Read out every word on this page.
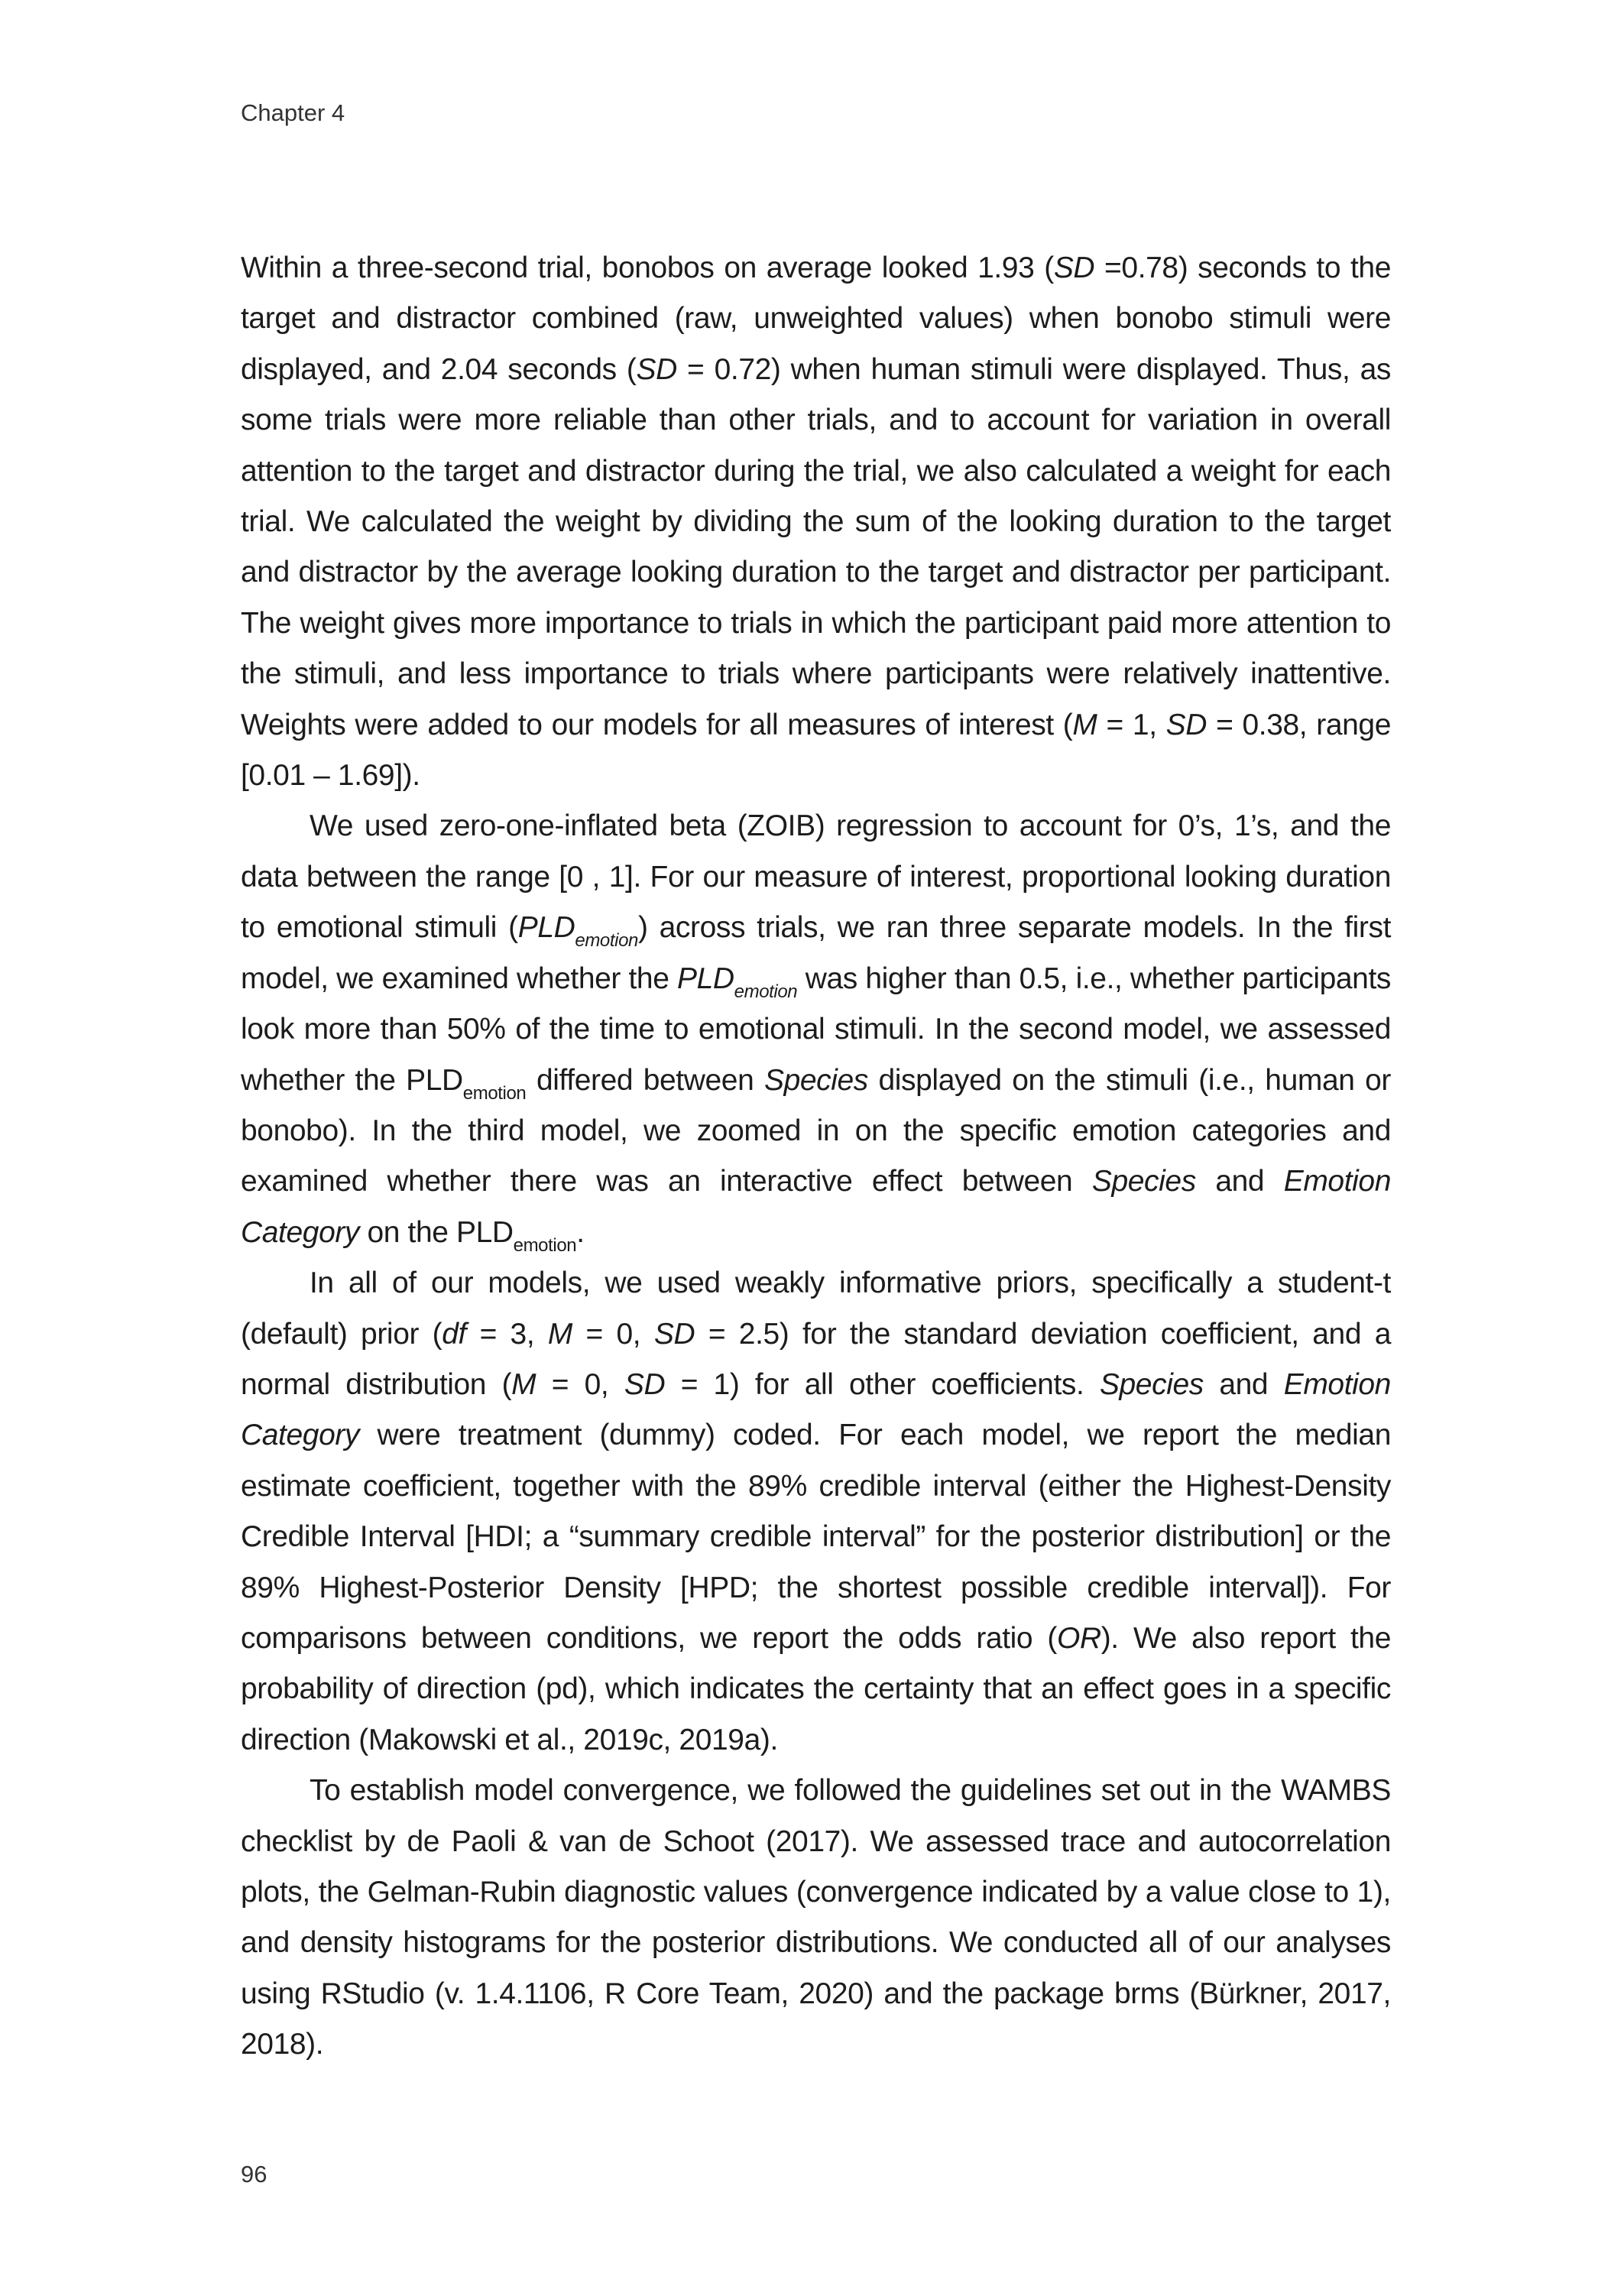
Chapter 4

Within a three-second trial, bonobos on average looked 1.93 (SD =0.78) seconds to the target and distractor combined (raw, unweighted values) when bonobo stimuli were displayed, and 2.04 seconds (SD = 0.72) when human stimuli were displayed. Thus, as some trials were more reliable than other trials, and to account for variation in overall attention to the target and distractor during the trial, we also calculated a weight for each trial. We calculated the weight by dividing the sum of the looking duration to the target and distractor by the average looking duration to the target and distractor per participant. The weight gives more importance to trials in which the participant paid more attention to the stimuli, and less importance to trials where participants were relatively inattentive. Weights were added to our models for all measures of interest (M = 1, SD = 0.38, range [0.01 – 1.69]).

We used zero-one-inflated beta (ZOIB) regression to account for 0’s, 1’s, and the data between the range [0 , 1]. For our measure of interest, proportional looking duration to emotional stimuli $(PLD_{emotion})$ across trials, we ran three separate models. In the first model, we examined whether the $PLD_{emotion}$ was higher than 0.5, i.e., whether participants look more than 50% of the time to emotional stimuli. In the second model, we assessed whether the $PLD_{emotion}$ differed between Species displayed on the stimuli (i.e., human or bonobo). In the third model, we zoomed in on the specific emotion categories and examined whether there was an interactive effect between Species and Emotion Category on the $PLD_{emotion}$.

In all of our models, we used weakly informative priors, specifically a student-t (default) prior (df = 3, M = 0, SD = 2.5) for the standard deviation coefficient, and a normal distribution (M = 0, SD = 1) for all other coefficients. Species and Emotion Category were treatment (dummy) coded. For each model, we report the median estimate coefficient, together with the 89% credible interval (either the Highest-Density Credible Interval [HDI; a “summary credible interval” for the posterior distribution] or the 89% Highest-Posterior Density [HPD; the shortest possible credible interval]). For comparisons between conditions, we report the odds ratio (OR). We also report the probability of direction (pd), which indicates the certainty that an effect goes in a specific direction (Makowski et al., 2019c, 2019a).

To establish model convergence, we followed the guidelines set out in the WAMBS checklist by de Paoli & van de Schoot (2017). We assessed trace and autocorrelation plots, the Gelman-Rubin diagnostic values (convergence indicated by a value close to 1), and density histograms for the posterior distributions. We conducted all of our analyses using RStudio (v. 1.4.1106, R Core Team, 2020) and the package brms (Bürkner, 2017, 2018).

96
